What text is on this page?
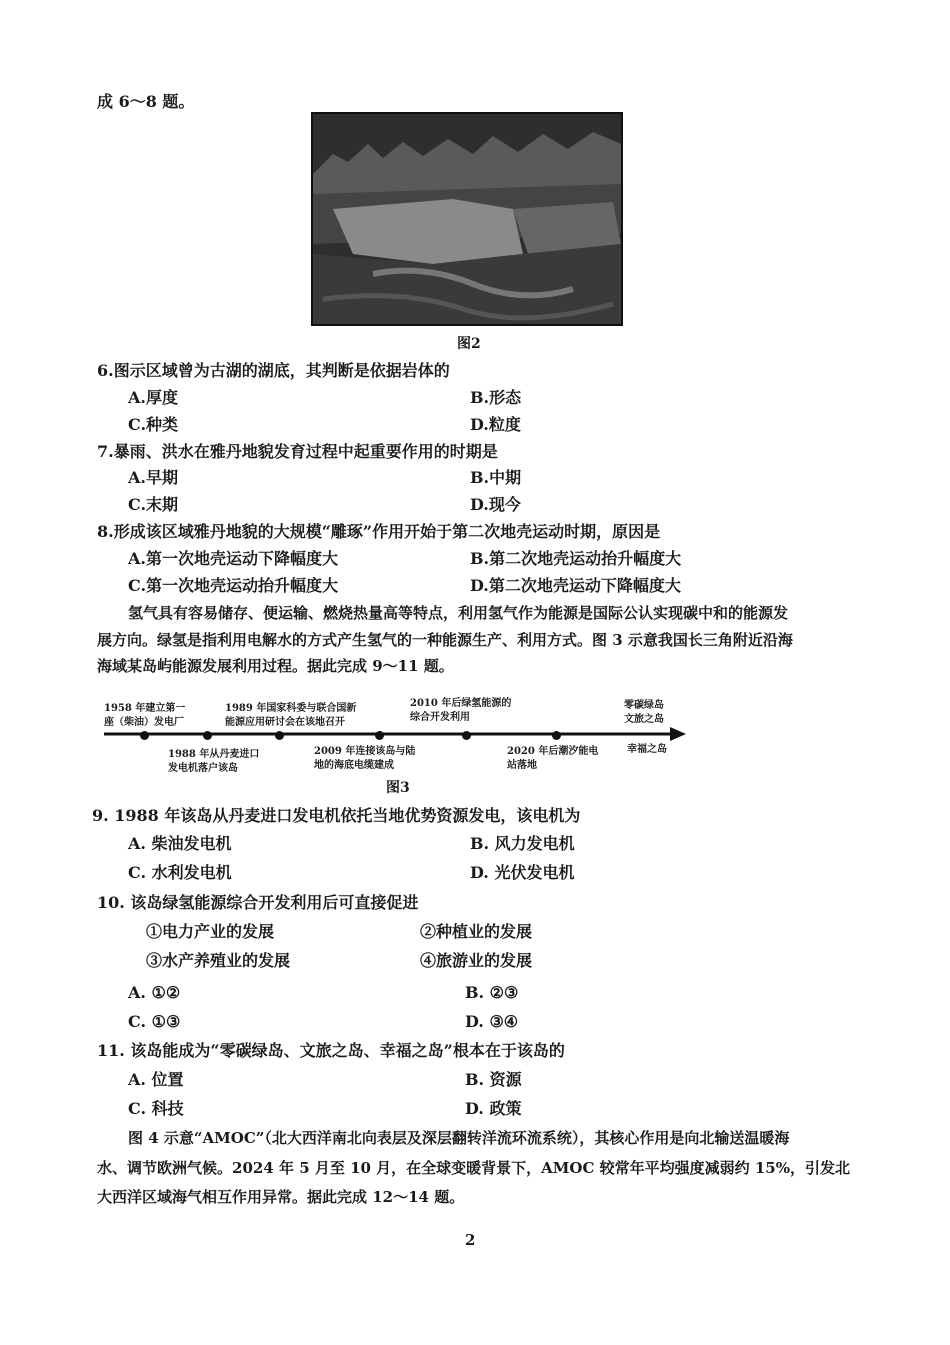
成 6～8 题。
图2
6.图示区域曾为古湖的湖底，其判断是依据岩体的
A.厚度	B.形态
C.种类	D.粒度
7.暴雨、洪水在雅丹地貌发育过程中起重要作用的时期是
A.早期	B.中期
C.末期	D.现今
8.形成该区域雅丹地貌的大规模“雕琢”作用开始于第二次地壳运动时期，原因是
A.第一次地壳运动下降幅度大	B.第二次地壳运动抬升幅度大
C.第一次地壳运动抬升幅度大	D.第二次地壳运动下降幅度大
氢气具有容易储存、便运输、燃烧热量高等特点，利用氢气作为能源是国际公认实现碳中和的能源发
展方向。绿氢是指利用电解水的方式产生氢气的一种能源生产、利用方式。图 3 示意我国长三角附近沿海
海域某岛屿能源发展利用过程。据此完成 9～11 题。
1958 年建立第一
座（柴油）发电厂
1989 年国家科委与联合国新
能源应用研讨会在该地召开
2010 年后绿氢能源的
综合开发利用
零碳绿岛
文旅之岛
1988 年从丹麦进口
发电机落户该岛
2009 年连接该岛与陆
地的海底电缆建成
2020 年后潮汐能电
站落地
幸福之岛
图3
9. 1988 年该岛从丹麦进口发电机依托当地优势资源发电，该电机为
A. 柴油发电机	B. 风力发电机
C. 水利发电机	D. 光伏发电机
10. 该岛绿氢能源综合开发利用后可直接促进
①电力产业的发展	②种植业的发展
③水产养殖业的发展	④旅游业的发展
A. ①②	B. ②③
C. ①③	D. ③④
11. 该岛能成为“零碳绿岛、文旅之岛、幸福之岛”根本在于该岛的
A. 位置	B. 资源
C. 科技	D. 政策
图 4 示意“AMOC”（北大西洋南北向表层及深层翻转洋流环流系统），其核心作用是向北输送温暖海
水、调节欧洲气候。2024 年 5 月至 10 月，在全球变暖背景下，AMOC 较常年平均强度减弱约 15%，引发北
大西洋区域海气相互作用异常。据此完成 12～14 题。
2
